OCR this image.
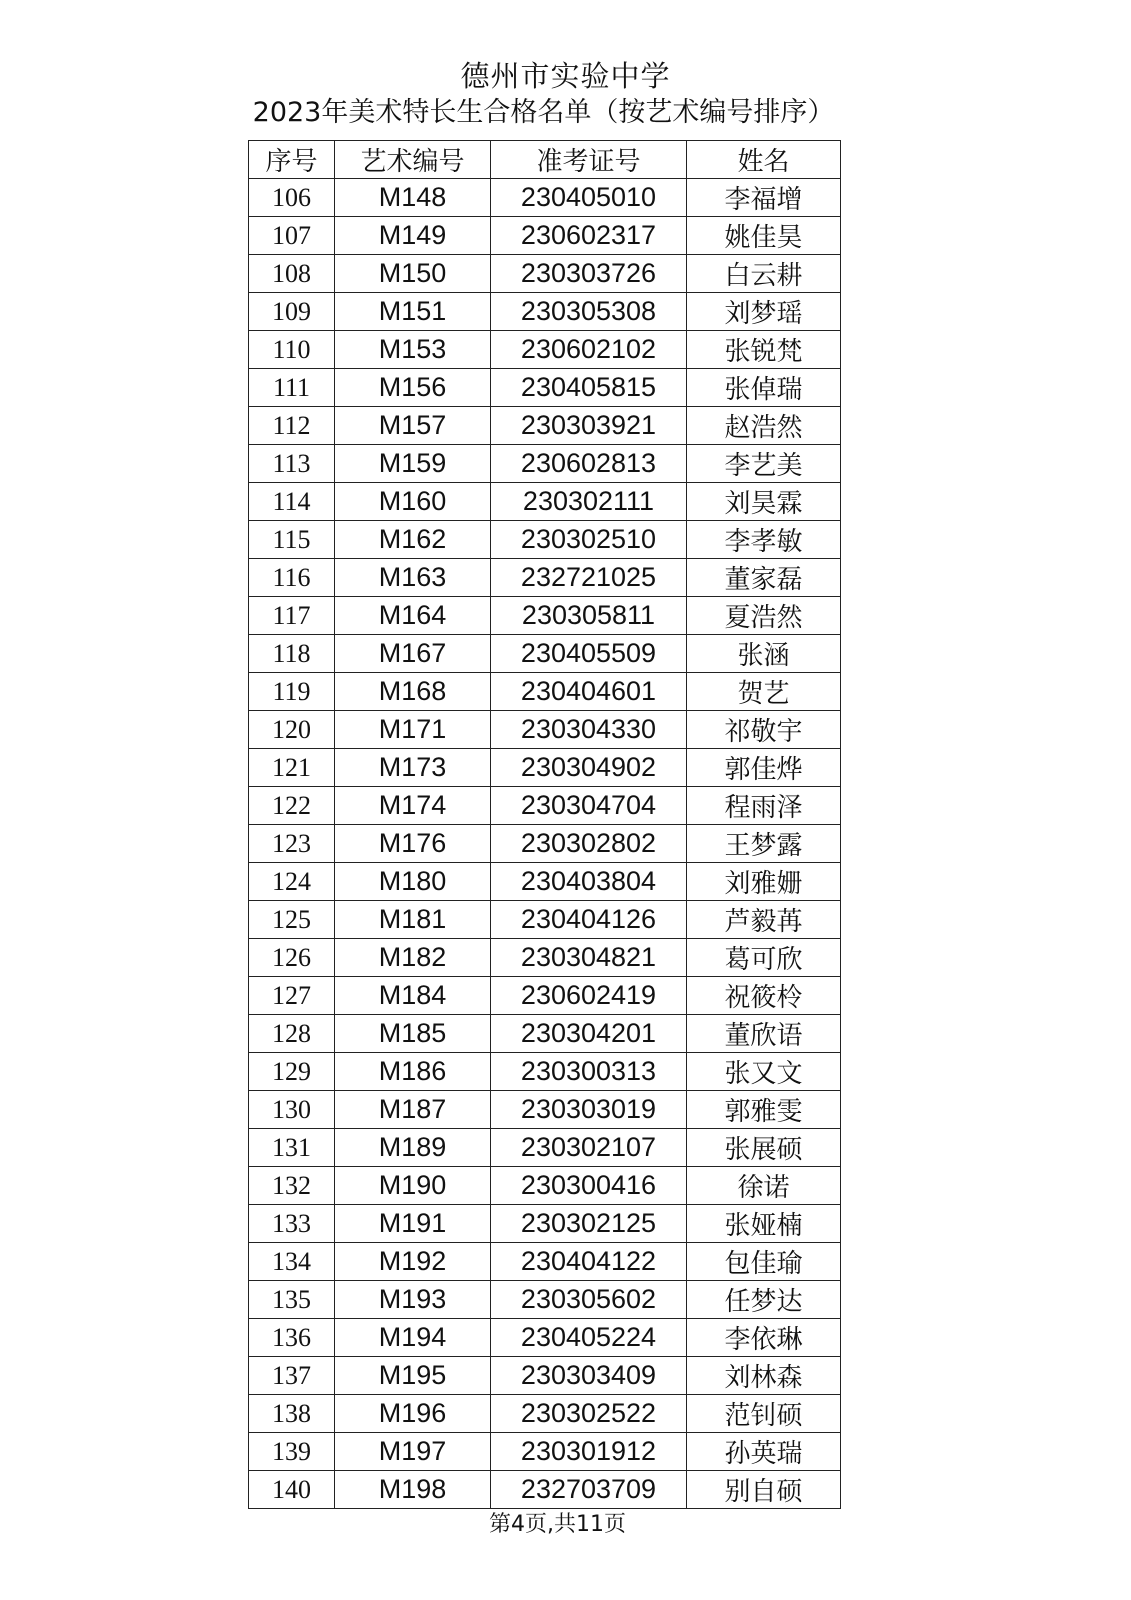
德州市实验中学
2023年美术特长生合格名单（按艺术编号排序）
序号	艺术编号	准考证号	姓名
106	M148	230405010	李福增
107	M149	230602317	姚佳昊
108	M150	230303726	白云耕
109	M151	230305308	刘梦瑶
110	M153	230602102	张锐梵
111	M156	230405815	张倬瑞
112	M157	230303921	赵浩然
113	M159	230602813	李艺美
114	M160	230302111	刘昊霖
115	M162	230302510	李孝敏
116	M163	232721025	董家磊
117	M164	230305811	夏浩然
118	M167	230405509	张涵
119	M168	230404601	贺艺
120	M171	230304330	祁敬宇
121	M173	230304902	郭佳烨
122	M174	230304704	程雨泽
123	M176	230302802	王梦露
124	M180	230403804	刘雅姗
125	M181	230404126	芦毅苒
126	M182	230304821	葛可欣
127	M184	230602419	祝筱柃
128	M185	230304201	董欣语
129	M186	230300313	张又文
130	M187	230303019	郭雅雯
131	M189	230302107	张展硕
132	M190	230300416	徐诺
133	M191	230302125	张娅楠
134	M192	230404122	包佳瑜
135	M193	230305602	任梦达
136	M194	230405224	李依琳
137	M195	230303409	刘林森
138	M196	230302522	范钊硕
139	M197	230301912	孙英瑞
140	M198	232703709	别自硕
第4页,共11页
